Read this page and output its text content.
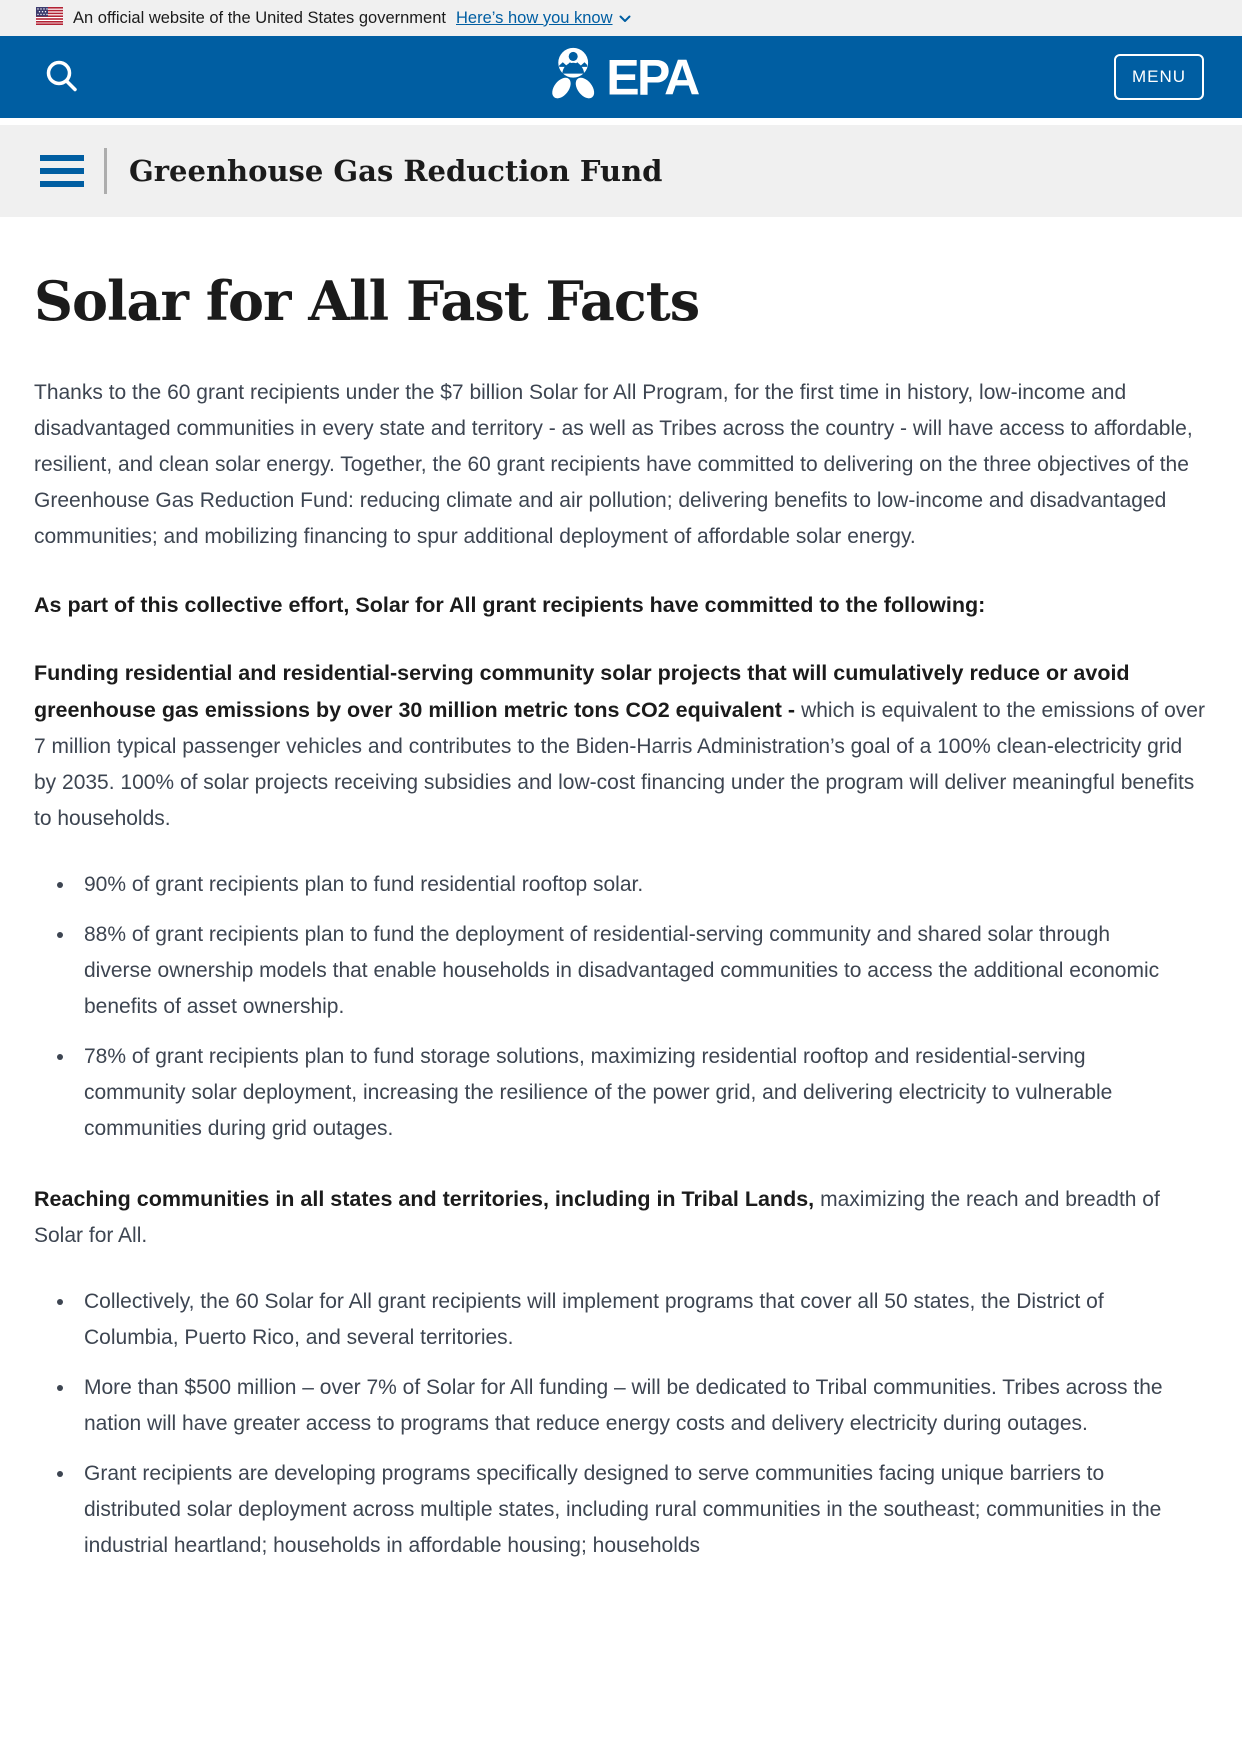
An official website of the United States government Here’s how you know
EPA	MENU
Greenhouse Gas Reduction Fund
Solar for All Fast Facts

Thanks to the 60 grant recipients under the $7 billion Solar for All Program, for the first time in history, low-income and disadvantaged communities in every state and territory - as well as Tribes across the country - will have access to affordable, resilient, and clean solar energy. Together, the 60 grant recipients have committed to delivering on the three objectives of the Greenhouse Gas Reduction Fund: reducing climate and air pollution; delivering benefits to low-income and disadvantaged communities; and mobilizing financing to spur additional deployment of affordable solar energy.

As part of this collective effort, Solar for All grant recipients have committed to the following:

Funding residential and residential-serving community solar projects that will cumulatively reduce or avoid greenhouse gas emissions by over 30 million metric tons CO2 equivalent - which is equivalent to the emissions of over 7 million typical passenger vehicles and contributes to the Biden-Harris Administration’s goal of a 100% clean-electricity grid by 2035. 100% of solar projects receiving subsidies and low-cost financing under the program will deliver meaningful benefits to households.

• 90% of grant recipients plan to fund residential rooftop solar.
• 88% of grant recipients plan to fund the deployment of residential-serving community and shared solar through diverse ownership models that enable households in disadvantaged communities to access the additional economic benefits of asset ownership.
• 78% of grant recipients plan to fund storage solutions, maximizing residential rooftop and residential-serving community solar deployment, increasing the resilience of the power grid, and delivering electricity to vulnerable communities during grid outages.

Reaching communities in all states and territories, including in Tribal Lands, maximizing the reach and breadth of Solar for All.

• Collectively, the 60 Solar for All grant recipients will implement programs that cover all 50 states, the District of Columbia, Puerto Rico, and several territories.
• More than $500 million – over 7% of Solar for All funding – will be dedicated to Tribal communities. Tribes across the nation will have greater access to programs that reduce energy costs and delivery electricity during outages.
• Grant recipients are developing programs specifically designed to serve communities facing unique barriers to distributed solar deployment across multiple states, including rural communities in the southeast; communities in the industrial heartland; households in affordable housing; households
